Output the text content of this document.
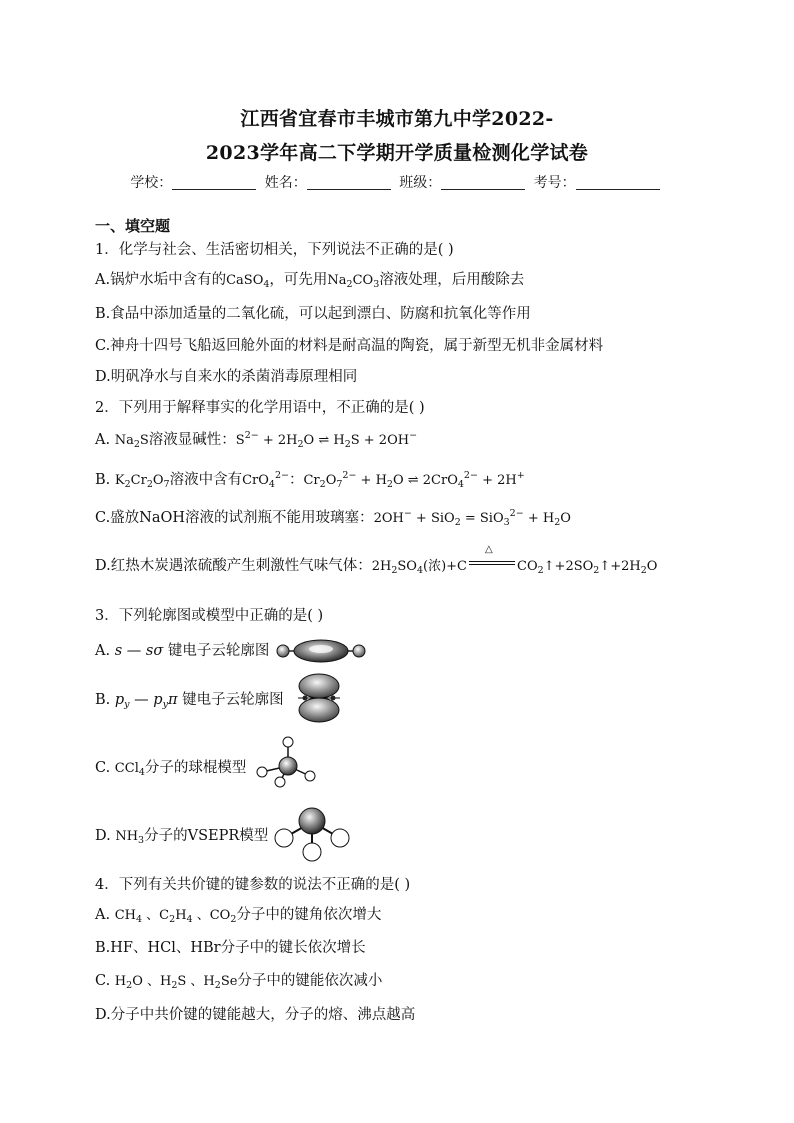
江西省宜春市丰城市第九中学2022-
2023学年高二下学期开学质量检测化学试卷
学校：	姓名：	班级：	考号：
一、填空题
1．化学与社会、生活密切相关，下列说法不正确的是( )
A.锅炉水垢中含有的CaSO$_4$，可先用$Na_2CO_3$溶液处理，后用酸除去
B.食品中添加适量的二氧化硫，可以起到漂白、防腐和抗氧化等作用
C.神舟十四号飞船返回舱外面的材料是耐高温的陶瓷，属于新型无机非金属材料
D.明矾净水与自来水的杀菌消毒原理相同
2．下列用于解释事实的化学用语中，不正确的是( )
A. $Na_2S$溶液显碱性：$S^{2-} + 2H_2O$ ⇌ $H_2S + 2OH^-$
B. $K_2Cr_2O_7$溶液中含有CrO$_4^{2-}$：$Cr_2O_7^{2-} + H_2O$ ⇌ 2CrO$_4^{2-}$ + 2H+
C.盛放NaOH溶液的试剂瓶不能用玻璃塞：$2OH^- + SiO_2 = SiO_3^{2-} + H_2O$
D.红热木炭遇浓硫酸产生刺激性气味气体：$2H_2SO_4$(浓)+C
△
$CO_2↑+2SO_2↑+2H_2O$
3．下列轮廓图或模型中正确的是( )
A. s — sσ 键电子云轮廓图
B. $p_y$ — $p_y\pi$ 键电子云轮廓图
C. CCl$_4$分子的球棍模型
D. $NH_3$分子的VSEPR模型
4．下列有关共价键的键参数的说法不正确的是( )
A. $CH_4$ 、$C_2H_4$ 、$CO_2$分子中的键角依次增大
B.HF、HCl、HBr分子中的键长依次增长
C. $H_2O$ 、$H_2S$ 、$H_2Se$分子中的键能依次减小
D.分子中共价键的键能越大，分子的熔、沸点越高
